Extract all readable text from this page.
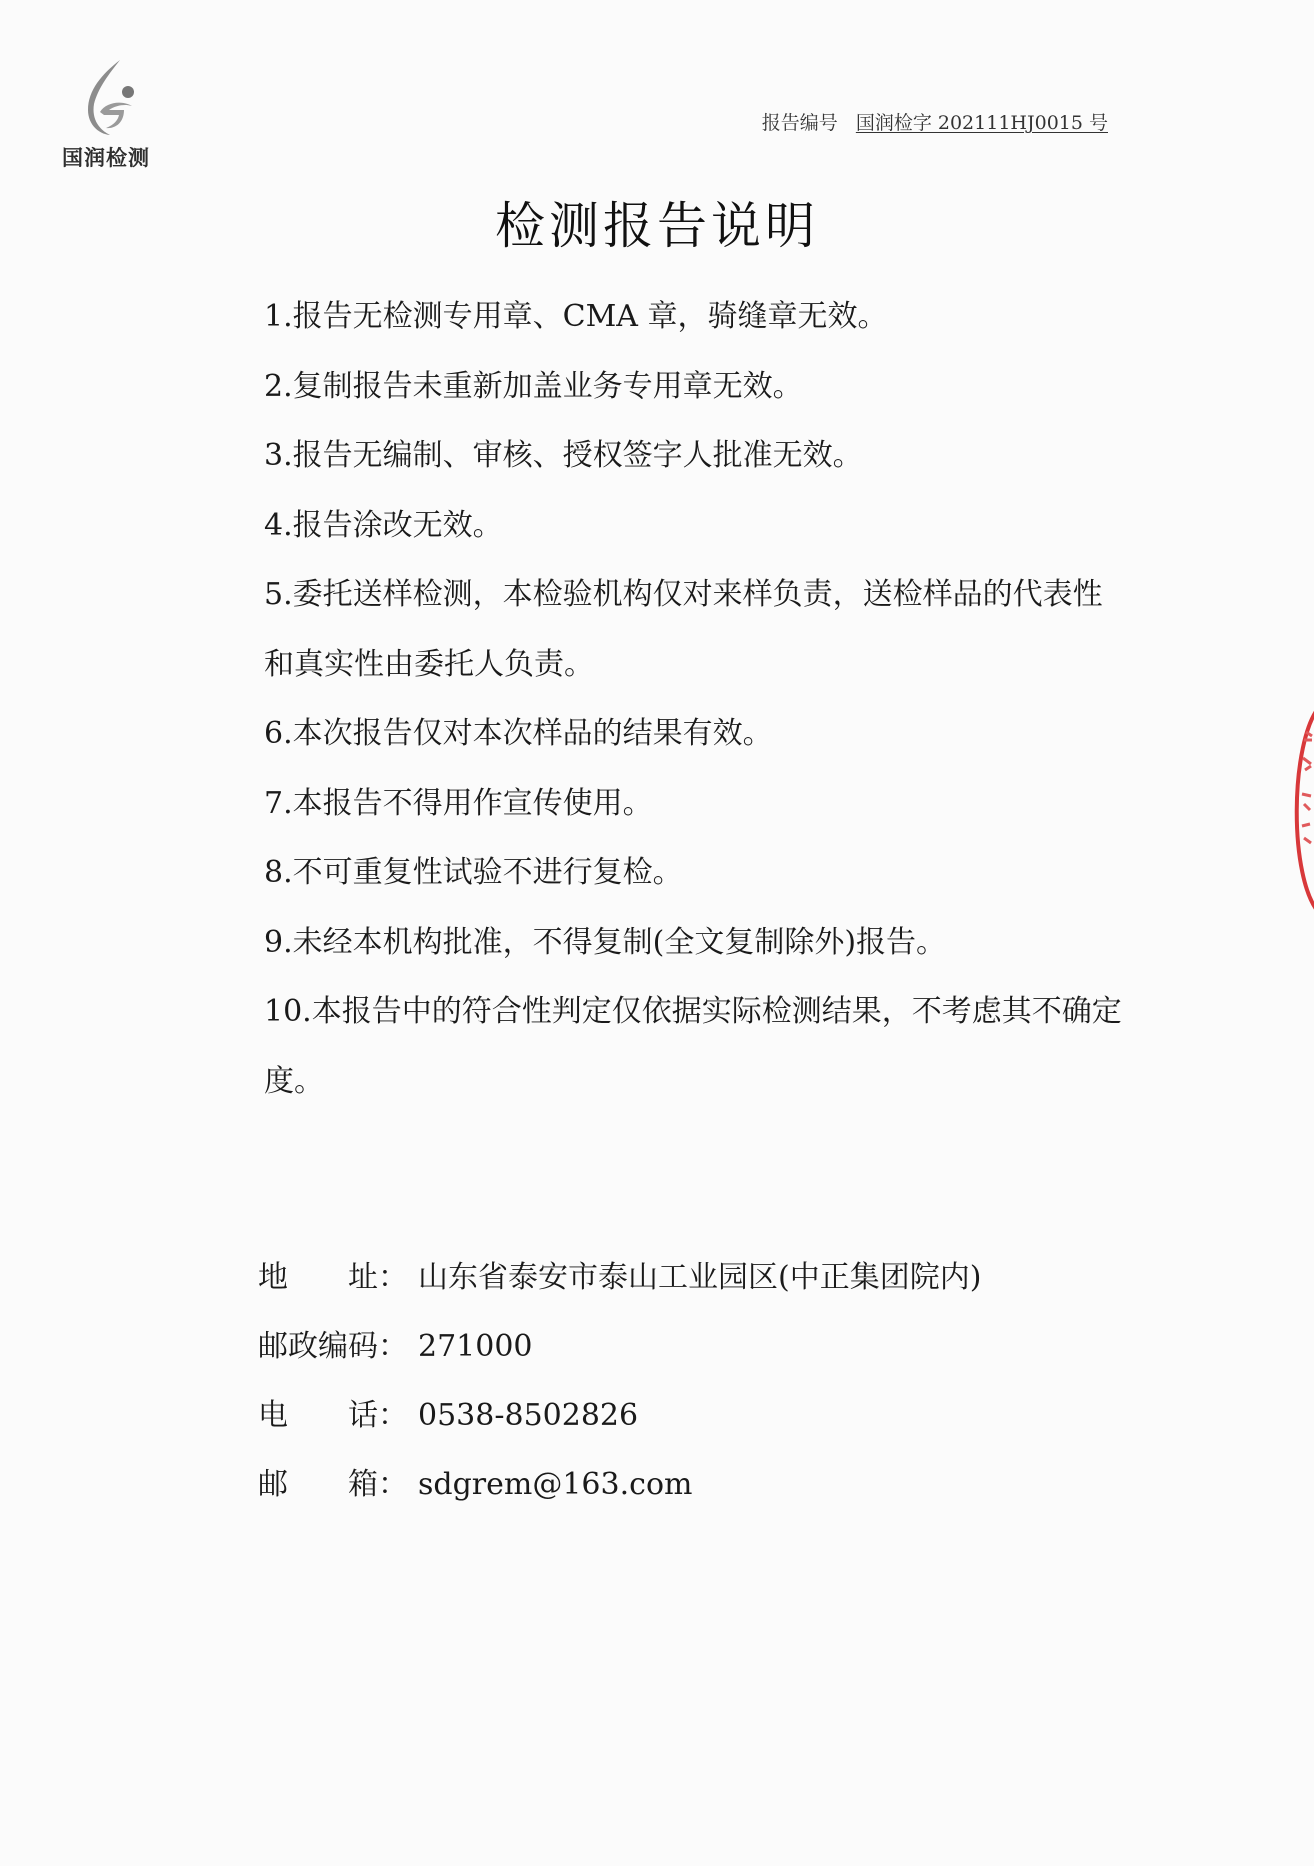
国润检测
报告编号 国润检字 202111HJ0015 号
检测报告说明

1.报告无检测专用章、CMA 章，骑缝章无效。

2.复制报告未重新加盖业务专用章无效。

3.报告无编制、审核、授权签字人批准无效。

4.报告涂改无效。

5.委托送样检测，本检验机构仅对来样负责，送检样品的代表性和真实性由委托人负责。

6.本次报告仅对本次样品的结果有效。

7.本报告不得用作宣传使用。

8.不可重复性试验不进行复检。

9.未经本机构批准，不得复制(全文复制除外)报告。

10.本报告中的符合性判定仅依据实际检测结果，不考虑其不确定度。

地　　址： 山东省泰安市泰山工业园区(中正集团院内)
邮政编码： 271000
电　　话： 0538-8502826
邮　　箱： sdgrem@163.com
